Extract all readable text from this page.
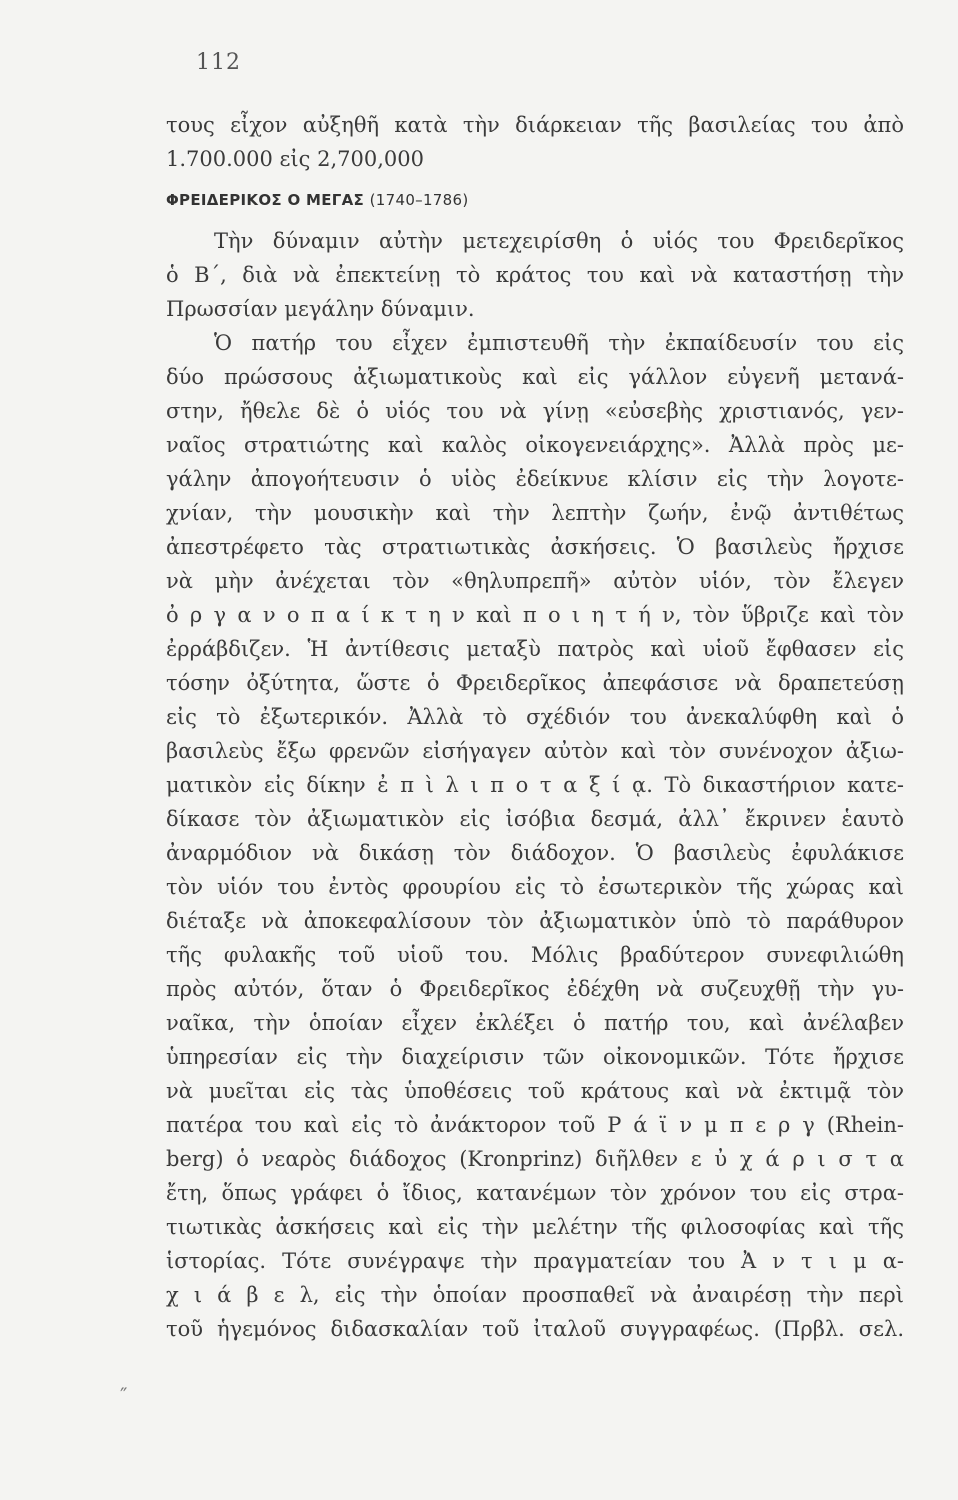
112
τους εἶχον αὐξηθῆ κατὰ τὴν διάρκειαν τῆς βασιλείας του ἀπὸ
1.700.000 εἰς 2,700,000
ΦΡΕΙΔΕΡΙΚΟΣ Ο ΜΕΓΑΣ (1740–1786)
Τὴν δύναμιν αὐτὴν μετεχειρίσθη ὁ υἱός του Φρειδερῖκος
ὁ Β΄, διὰ νὰ ἐπεκτείνῃ τὸ κράτος του καὶ νὰ καταστήσῃ τὴν
Πρωσσίαν μεγάλην δύναμιν.
Ὁ πατήρ του εἶχεν ἐμπιστευθῆ τὴν ἐκπαίδευσίν του εἰς
δύο πρώσσους ἀξιωματικοὺς καὶ εἰς γάλλον εὐγενῆ μετανά-
στην, ἤθελε δὲ ὁ υἱός του νὰ γίνῃ «εὐσεβὴς χριστιανός, γεν-
ναῖος στρατιώτης καὶ καλὸς οἰκογενειάρχης». Ἀλλὰ πρὸς με-
γάλην ἀπογοήτευσιν ὁ υἱὸς ἐδείκνυε κλίσιν εἰς τὴν λογοτε-
χνίαν, τὴν μουσικὴν καὶ τὴν λεπτὴν ζωήν, ἐνῷ ἀντιθέτως
ἀπεστρέφετο τὰς στρατιωτικὰς ἀσκήσεις. Ὁ βασιλεὺς ἤρχισε
νὰ μὴν ἀνέχεται τὸν «θηλυπρεπῆ» αὐτὸν υἱόν, τὸν ἔλεγεν
ὀ ρ γ α ν ο π α ί κ τ η ν καὶ π ο ι η τ ή ν, τὸν ὕβριζε καὶ τὸν
ἐρράβδιζεν. Ἡ ἀντίθεσις μεταξὺ πατρὸς καὶ υἱοῦ ἔφθασεν εἰς
τόσην ὀξύτητα, ὥστε ὁ Φρειδερῖκος ἀπεφάσισε νὰ δραπετεύσῃ
εἰς τὸ ἐξωτερικόν. Ἀλλὰ τὸ σχέδιόν του ἀνεκαλύφθη καὶ ὁ
βασιλεὺς ἔξω φρενῶν εἰσήγαγεν αὐτὸν καὶ τὸν συνένοχον ἀξιω-
ματικὸν εἰς δίκην ἐ π ὶ λ ι π ο τ α ξ ί ᾳ. Τὸ δικαστήριον κατε-
δίκασε τὸν ἀξιωματικὸν εἰς ἰσόβια δεσμά, ἀλλ᾽ ἔκρινεν ἑαυτὸ
ἀναρμόδιον νὰ δικάσῃ τὸν διάδοχον. Ὁ βασιλεὺς ἐφυλάκισε
τὸν υἱόν του ἐντὸς φρουρίου εἰς τὸ ἐσωτερικὸν τῆς χώρας καὶ
διέταξε νὰ ἀποκεφαλίσουν τὸν ἀξιωματικὸν ὑπὸ τὸ παράθυρον
τῆς φυλακῆς τοῦ υἱοῦ του. Μόλις βραδύτερον συνεφιλιώθη
πρὸς αὐτόν, ὅταν ὁ Φρειδερῖκος ἐδέχθη νὰ συζευχθῇ τὴν γυ-
ναῖκα, τὴν ὁποίαν εἶχεν ἐκλέξει ὁ πατήρ του, καὶ ἀνέλαβεν
ὑπηρεσίαν εἰς τὴν διαχείρισιν τῶν οἰκονομικῶν. Τότε ἤρχισε
νὰ μυεῖται εἰς τὰς ὑποθέσεις τοῦ κράτους καὶ νὰ ἐκτιμᾷ τὸν
πατέρα του καὶ εἰς τὸ ἀνάκτορον τοῦ Ρ ά ϊ ν μ π ε ρ γ (Rhein-
berg) ὁ νεαρὸς διάδοχος (Kronprinz) διῆλθεν ε ὐ χ ά ρ ι σ τ α
ἔτη, ὅπως γράφει ὁ ἴδιος, κατανέμων τὸν χρόνον του εἰς στρα-
τιωτικὰς ἀσκήσεις καὶ εἰς τὴν μελέτην τῆς φιλοσοφίας καὶ τῆς
ἱστορίας. Τότε συνέγραψε τὴν πραγματείαν του Ἀ ν τ ι μ α-
χ ι ά β ε λ, εἰς τὴν ὁποίαν προσπαθεῖ νὰ ἀναιρέσῃ τὴν περὶ
τοῦ ἡγεμόνος διδασκαλίαν τοῦ ἰταλοῦ συγγραφέως. (Πρβλ. σελ.
″
